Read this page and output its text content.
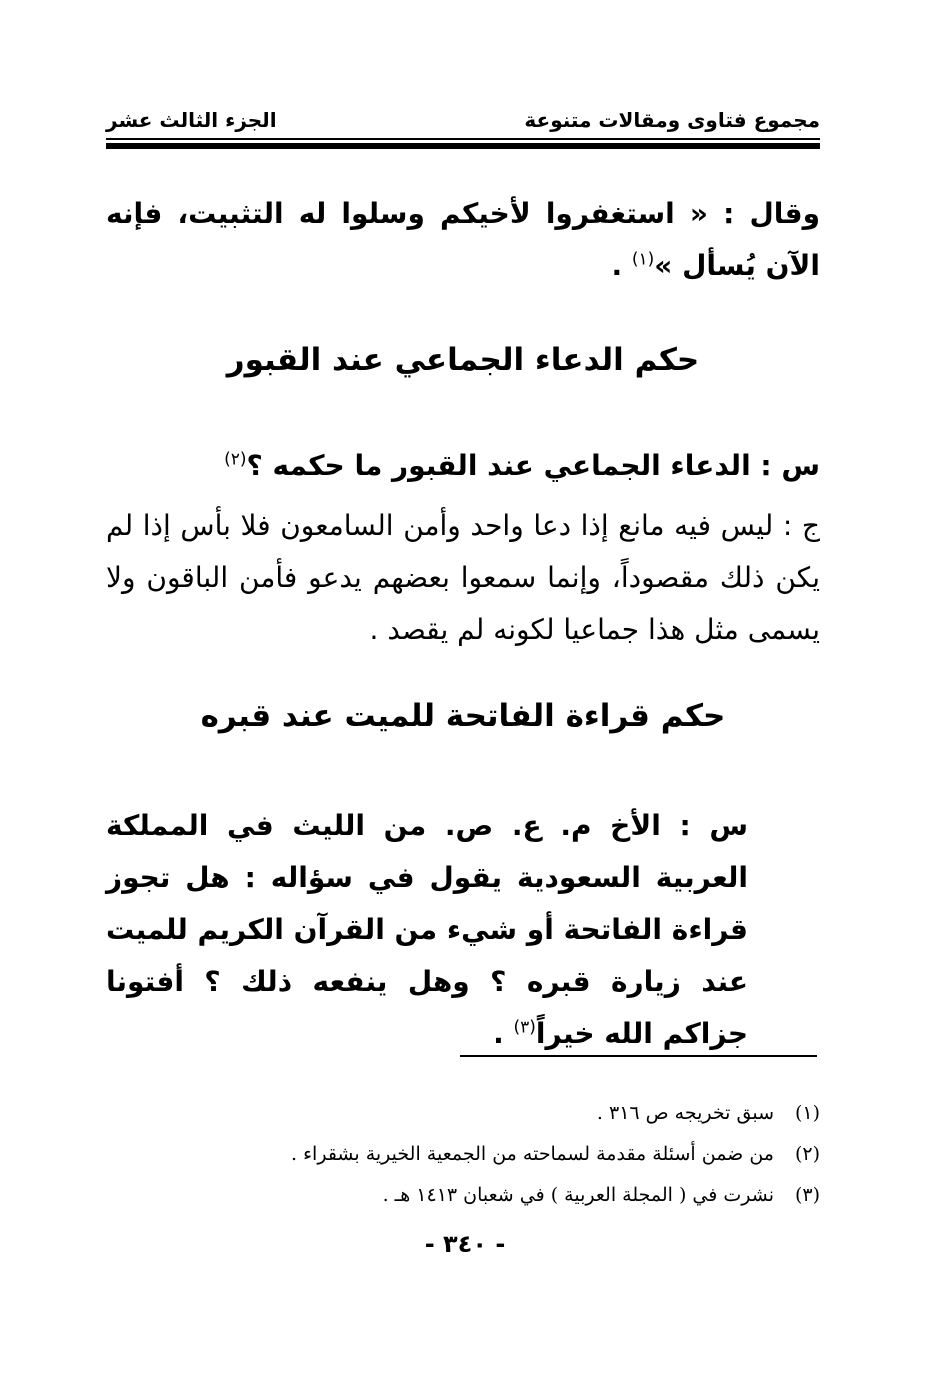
مجموع فتاوى ومقالات متنوعة
الجزء الثالث عشر
وقال : « استغفروا لأخيكم وسلوا له التثبيت، فإنه الآن يُسأل »$^{(١)}$ .
حكم الدعاء الجماعي عند القبور
س : الدعاء الجماعي عند القبور ما حكمه ؟$^{(٢)}$
ج : ليس فيه مانع إذا دعا واحد وأمن السامعون فلا بأس إذا لم يكن ذلك مقصوداً، وإنما سمعوا بعضهم يدعو فأمن الباقون ولا يسمى مثل هذا جماعيا لكونه لم يقصد .
حكم قراءة الفاتحة للميت عند قبره
س : الأخ م. ع. ص. من الليث في المملكة العربية السعودية يقول في سؤاله : هل تجوز قراءة الفاتحة أو شيء من القرآن الكريم للميت عند زيارة قبره ؟ وهل ينفعه ذلك ؟ أفتونا جزاكم الله خيراً$^{(٣)}$ .
(١)
سبق تخريجه ص ٣١٦ .
(٢)
من ضمن أسئلة مقدمة لسماحته من الجمعية الخيرية بشقراء .
(٣)
نشرت في ( المجلة العربية ) في شعبان ١٤١٣ هـ .
- ٣٤٠ -
